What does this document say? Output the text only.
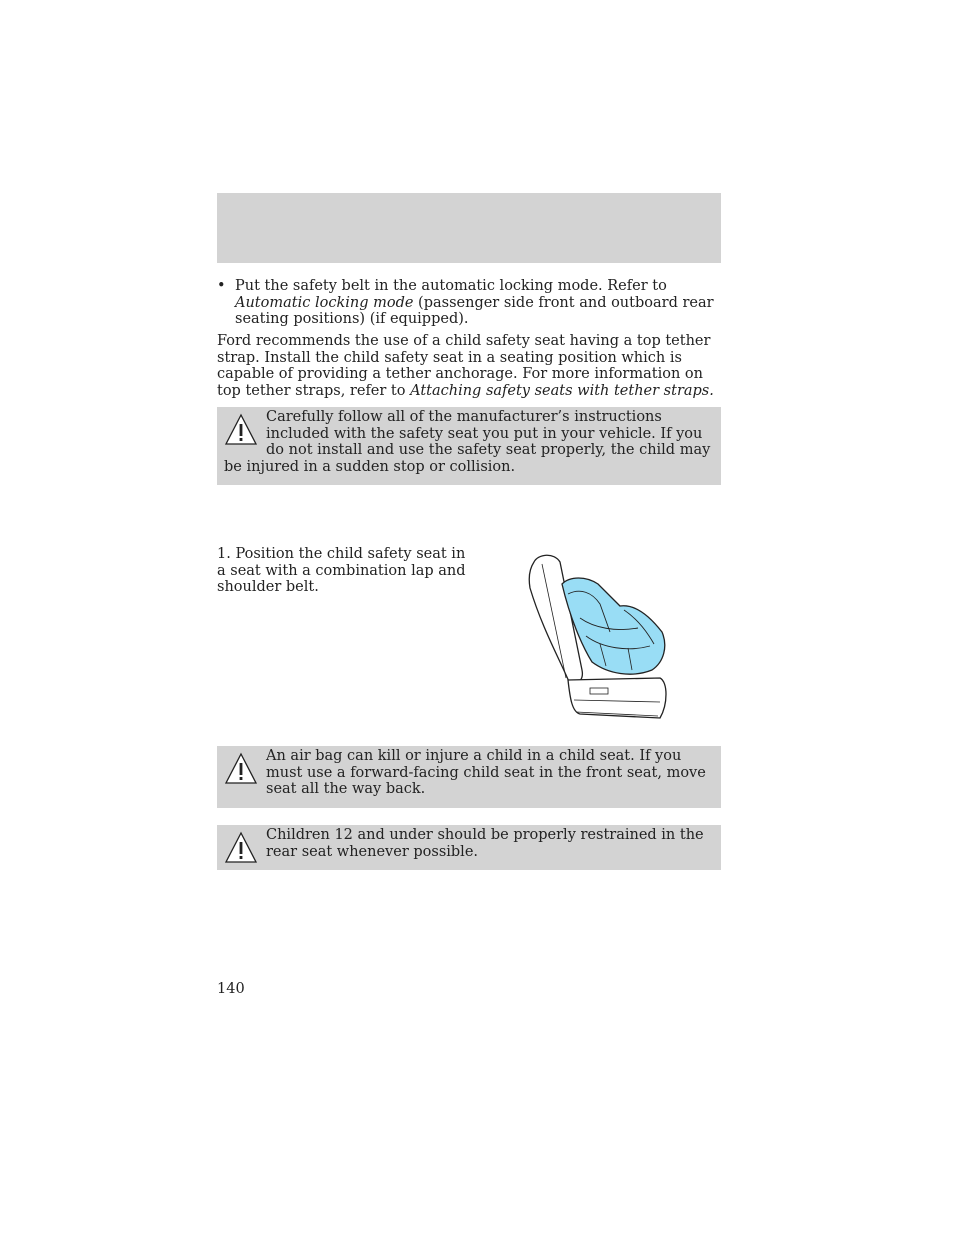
• Put the safety belt in the automatic locking mode. Refer to Automatic locking mode (passenger side front and outboard rear seating positions) (if equipped).
Ford recommends the use of a child safety seat having a top tether strap. Install the child safety seat in a seating position which is capable of providing a tether anchorage. For more information on top tether straps, refer to Attaching safety seats with tether straps.
Carefully follow all of the manufacturer’s instructions included with the safety seat you put in your vehicle. If you do not install and use the safety seat properly, the child may be injured in a sudden stop or collision.
1. Position the child safety seat in a seat with a combination lap and shoulder belt.
An air bag can kill or injure a child in a child seat. If you must use a forward-facing child seat in the front seat, move seat all the way back.
Children 12 and under should be properly restrained in the rear seat whenever possible.
140
